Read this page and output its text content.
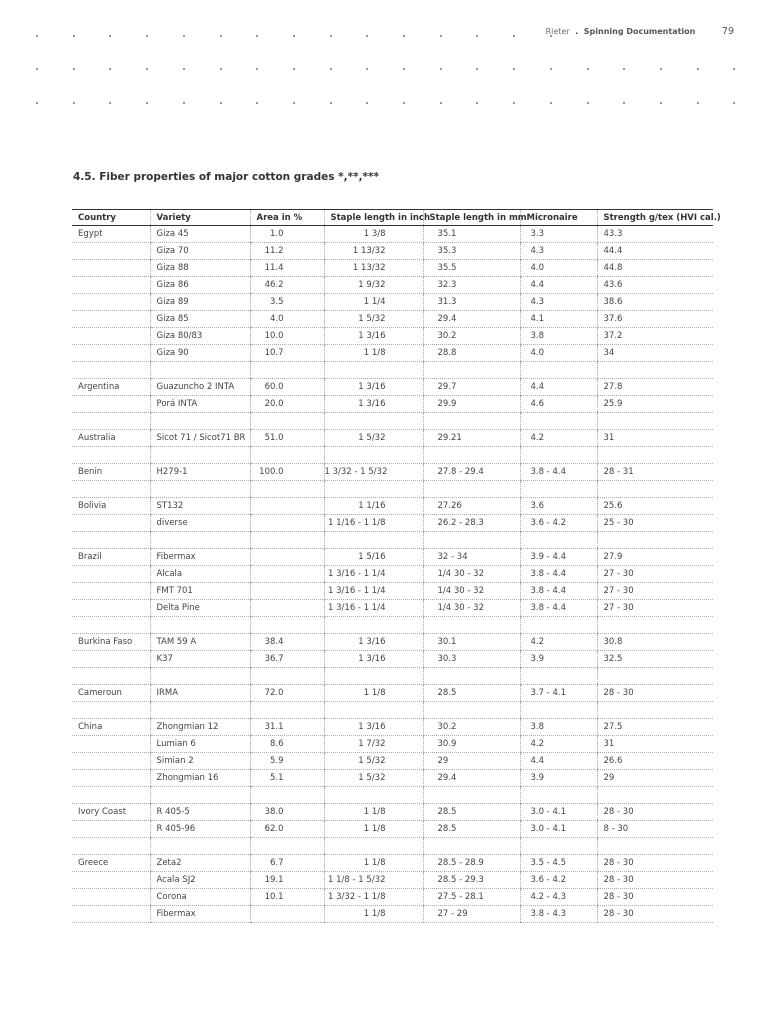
Rieter . Spinning Documentation	79
4.5. Fiber properties of major cotton grades *,**,***
Country	Variety	Area in %	Staple length in inch	Staple length in mm	Micronaire	Strength g/tex (HVI cal.)
Egypt	Giza 45	1.0	1 3/8	35.1	3.3	43.3
	Giza 70	11.2	1 13/32	35.3	4.3	44.4
	Giza 88	11.4	1 13/32	35.5	4.0	44.8
	Giza 86	46.2	1 9/32	32.3	4.4	43.6
	Giza 89	3.5	1 1/4	31.3	4.3	38.6
	Giza 85	4.0	1 5/32	29.4	4.1	37.6
	Giza 80/83	10.0	1 3/16	30.2	3.8	37.2
	Giza 90	10.7	1 1/8	28.8	4.0	34

Argentina	Guazuncho 2 INTA	60.0	1 3/16	29.7	4.4	27.8
	Porá INTA	20.0	1 3/16	29.9	4.6	25.9

Australia	Sicot 71 / Sicot71 BR	51.0	1 5/32	29.21	4.2	31

Benin	H279-1	100.0	1 3/32 - 1 5/32	27.8 - 29.4	3.8 - 4.4	28 - 31

Bolivia	ST132		1 1/16	27.26	3.6	25.6
	diverse		1 1/16 - 1 1/8	26.2 - 28.3	3.6 - 4.2	25 - 30

Brazil	Fibermax		1 5/16	32 - 34	3.9 - 4.4	27.9
	Alcala		1 3/16 - 1 1/4	1/4 30 - 32	3.8 - 4.4	27 - 30
	FMT 701		1 3/16 - 1 1/4	1/4 30 - 32	3.8 - 4.4	27 - 30
	Delta Pine		1 3/16 - 1 1/4	1/4 30 - 32	3.8 - 4.4	27 - 30

Burkina Faso	TAM 59 A	38.4	1 3/16	30.1	4.2	30.8
	K37	36.7	1 3/16	30.3	3.9	32.5

Cameroun	IRMA	72.0	1 1/8	28.5	3.7 - 4.1	28 - 30

China	Zhongmian 12	31.1	1 3/16	30.2	3.8	27.5
	Lumian 6	8.6	1 7/32	30.9	4.2	31
	Simian 2	5.9	1 5/32	29	4.4	26.6
	Zhongmian 16	5.1	1 5/32	29.4	3.9	29

Ivory Coast	R 405-5	38.0	1 1/8	28.5	3.0 - 4.1	28 - 30
	R 405-96	62.0	1 1/8	28.5	3.0 - 4.1	8 - 30

Greece	Zeta2	6.7	1 1/8	28.5 - 28.9	3.5 - 4.5	28 - 30
	Acala SJ2	19.1	1 1/8 - 1 5/32	28.5 - 29.3	3.6 - 4.2	28 - 30
	Corona	10.1	1 3/32 - 1 1/8	27.5 - 28.1	4.2 - 4.3	28 - 30
	Fibermax		1 1/8	27 - 29	3.8 - 4.3	28 - 30
